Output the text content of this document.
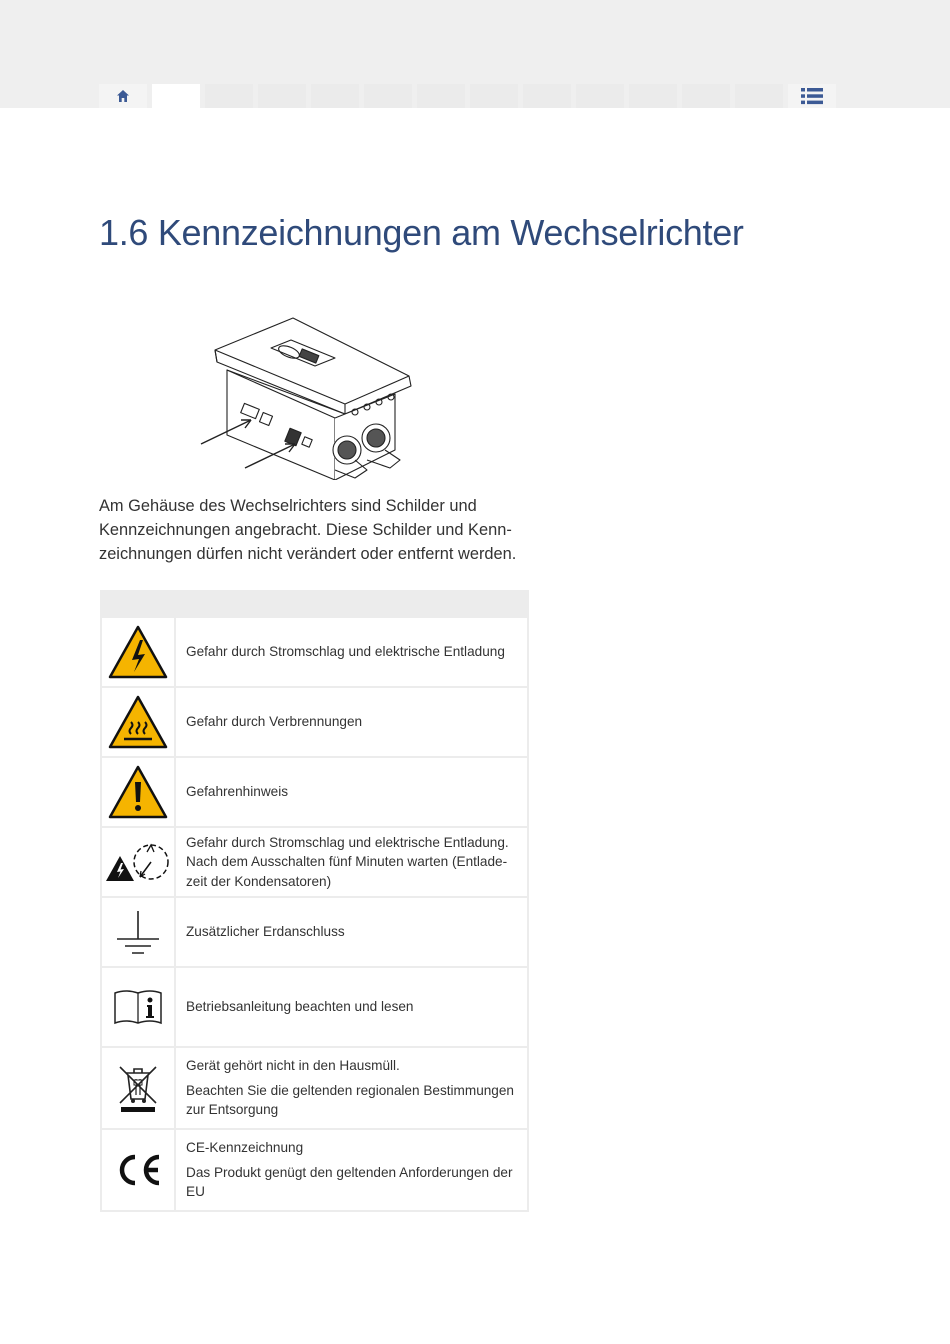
1.6 Kennzeichnungen am Wechselrichter

Am Gehäuse des Wechselrichters sind Schilder und Kennzeichnungen angebracht. Diese Schilder und Kennzeichnungen dürfen nicht verändert oder entfernt werden.

Gefahr durch Stromschlag und elektrische Entladung

Gefahr durch Verbrennungen

Gefahrenhinweis

Gefahr durch Stromschlag und elektrische Entladung. Nach dem Ausschalten fünf Minuten warten (Entladezeit der Kondensatoren)

Zusätzlicher Erdanschluss

Betriebsanleitung beachten und lesen

Gerät gehört nicht in den Hausmüll.

Beachten Sie die geltenden regionalen Bestimmungen zur Entsorgung

CE-Kennzeichnung

Das Produkt genügt den geltenden Anforderungen der EU
